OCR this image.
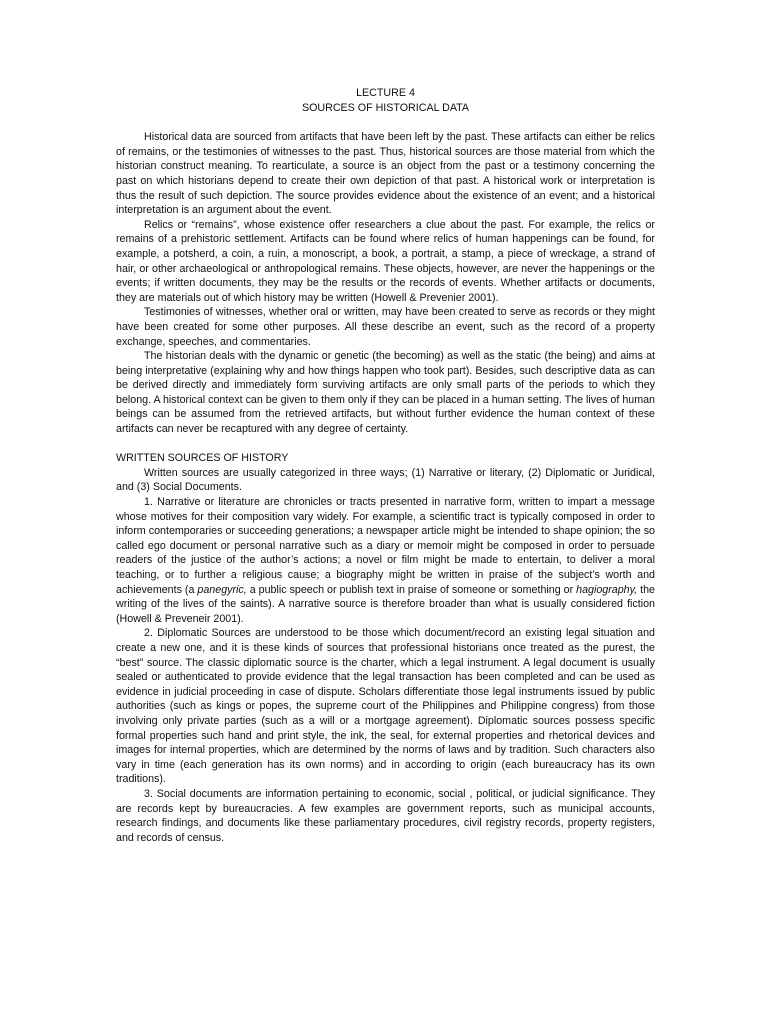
LECTURE 4

SOURCES OF HISTORICAL DATA

Historical data are sourced from artifacts that have been left by the past. These artifacts can either be relics of remains, or the testimonies of witnesses to the past. Thus, historical sources are those material from which the historian construct meaning. To rearticulate, a source is an object from the past or a testimony concerning the past on which historians depend to create their own depiction of that past. A historical work or interpretation is thus the result of such depiction. The source provides evidence about the existence of an event; and a historical interpretation is an argument about the event.

Relics or “remains”, whose existence offer researchers a clue about the past. For example, the relics or remains of a prehistoric settlement. Artifacts can be found where relics of human happenings can be found, for example, a potsherd, a coin, a ruin, a monoscript, a book, a portrait, a stamp, a piece of wreckage, a strand of hair, or other archaeological or anthropological remains. These objects, however, are never the happenings or the events; if written documents, they may be the results or the records of events. Whether artifacts or documents, they are materials out of which history may be written (Howell & Prevenier 2001).

Testimonies of witnesses, whether oral or written, may have been created to serve as records or they might have been created for some other purposes. All these describe an event, such as the record of a property exchange, speeches, and commentaries.

The historian deals with the dynamic or genetic (the becoming) as well as the static (the being) and aims at being interpretative (explaining why and how things happen who took part). Besides, such descriptive data as can be derived directly and immediately form surviving artifacts are only small parts of the periods to which they belong. A historical context can be given to them only if they can be placed in a human setting. The lives of human beings can be assumed from the retrieved artifacts, but without further evidence the human context of these artifacts can never be recaptured with any degree of certainty.

WRITTEN SOURCES OF HISTORY

Written sources are usually categorized in three ways; (1) Narrative or literary, (2) Diplomatic or Juridical, and (3) Social Documents.

1. Narrative or literature are chronicles or tracts presented in narrative form, written to impart a message whose motives for their composition vary widely. For example, a scientific tract is typically composed in order to inform contemporaries or succeeding generations; a newspaper article might be intended to shape opinion; the so called ego document or personal narrative such as a diary or memoir might be composed in order to persuade readers of the justice of the author’s actions; a novel or film might be made to entertain, to deliver a moral teaching, or to further a religious cause; a biography might be written in praise of the subject’s worth and achievements (a panegyric, a public speech or publish text in praise of someone or something or hagiography, the writing of the lives of the saints). A narrative source is therefore broader than what is usually considered fiction (Howell & Preveneir 2001).

2. Diplomatic Sources are understood to be those which document/record an existing legal situation and create a new one, and it is these kinds of sources that professional historians once treated as the purest, the “best” source. The classic diplomatic source is the charter, which a legal instrument. A legal document is usually sealed or authenticated to provide evidence that the legal transaction has been completed and can be used as evidence in judicial proceeding in case of dispute. Scholars differentiate those legal instruments issued by public authorities (such as kings or popes, the supreme court of the Philippines and Philippine congress) from those involving only private parties (such as a will or a mortgage agreement). Diplomatic sources possess specific formal properties such hand and print style, the ink, the seal, for external properties and rhetorical devices and images for internal properties, which are determined by the norms of laws and by tradition. Such characters also vary in time (each generation has its own norms) and in according to origin (each bureaucracy has its own traditions).

3. Social documents are information pertaining to economic, social , political, or judicial significance. They are records kept by bureaucracies. A few examples are government reports, such as municipal accounts, research findings, and documents like these parliamentary procedures, civil registry records, property registers, and records of census.
